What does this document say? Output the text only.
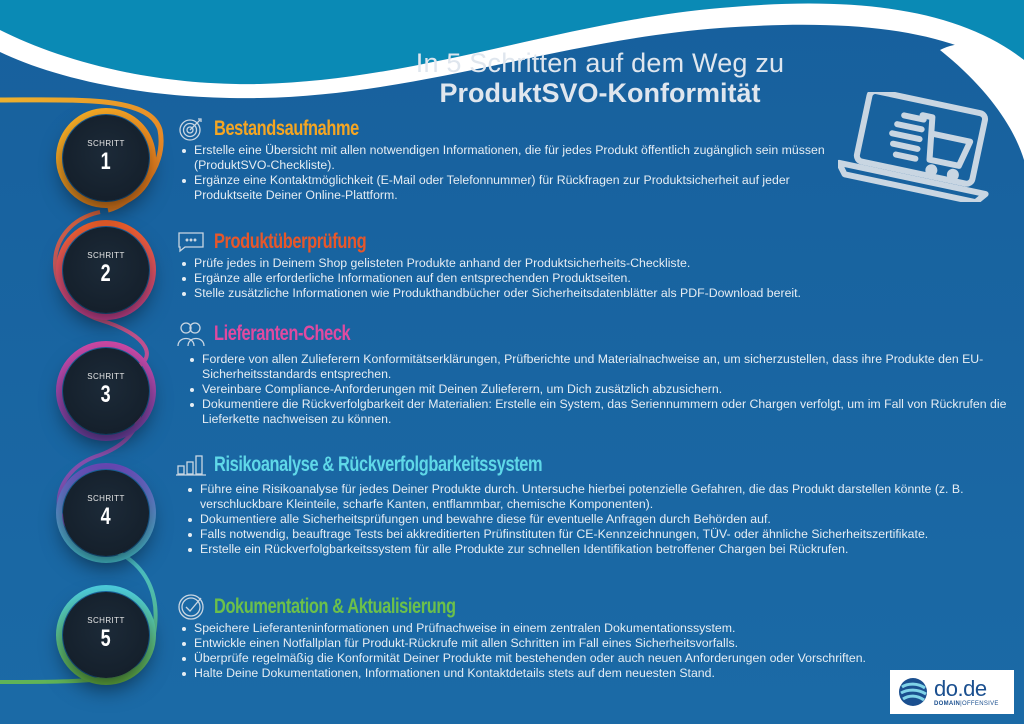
In 5 Schritten auf dem Weg zu
ProduktSVO-Konformität
SCHRITT
1
SCHRITT
2
SCHRITT
3
SCHRITT
4
SCHRITT
5
Bestandsaufnahme
Erstelle eine Übersicht mit allen notwendigen Informationen, die für jedes Produkt öffentlich zugänglich sein müssen (ProduktSVO-Checkliste).
Ergänze eine Kontaktmöglichkeit (E-Mail oder Telefonnummer) für Rückfragen zur Produktsicherheit auf jeder Produktseite Deiner Online-Plattform.
Produktüberprüfung
Prüfe jedes in Deinem Shop gelisteten Produkte anhand der Produktsicherheits-Checkliste.
Ergänze alle erforderliche Informationen auf den entsprechenden Produktseiten.
Stelle zusätzliche Informationen wie Produkthandbücher oder Sicherheitsdatenblätter als PDF-Download bereit.
Lieferanten-Check
Fordere von allen Zulieferern Konformitätserklärungen, Prüfberichte und Materialnachweise an, um sicherzustellen, dass ihre Produkte den EU-Sicherheitsstandards entsprechen.
Vereinbare Compliance-Anforderungen mit Deinen Zulieferern, um Dich zusätzlich abzusichern.
Dokumentiere die Rückverfolgbarkeit der Materialien: Erstelle ein System, das Seriennummern oder Chargen verfolgt, um im Fall von Rückrufen die Lieferkette nachweisen zu können.
Risikoanalyse & Rückverfolgbarkeitssystem
Führe eine Risikoanalyse für jedes Deiner Produkte durch. Untersuche hierbei potenzielle Gefahren, die das Produkt darstellen könnte (z. B. verschluckbare Kleinteile, scharfe Kanten, entflammbar, chemische Komponenten).
Dokumentiere alle Sicherheitsprüfungen und bewahre diese für eventuelle Anfragen durch Behörden auf.
Falls notwendig, beauftrage Tests bei akkreditierten Prüfinstituten für CE-Kennzeichnungen, TÜV- oder ähnliche Sicherheitszertifikate.
Erstelle ein Rückverfolgbarkeitssystem für alle Produkte zur schnellen Identifikation betroffener Chargen bei Rückrufen.
Dokumentation & Aktualisierung
Speichere Lieferanteninformationen und Prüfnachweise in einem zentralen Dokumentationssystem.
Entwickle einen Notfallplan für Produkt-Rückrufe mit allen Schritten im Fall eines Sicherheitsvorfalls.
Überprüfe regelmäßig die Konformität Deiner Produkte mit bestehenden oder auch neuen Anforderungen oder Vorschriften.
Halte Deine Dokumentationen, Informationen und Kontaktdetails stets auf dem neuesten Stand.
do.de
DOMAIN|OFFENSIVE
